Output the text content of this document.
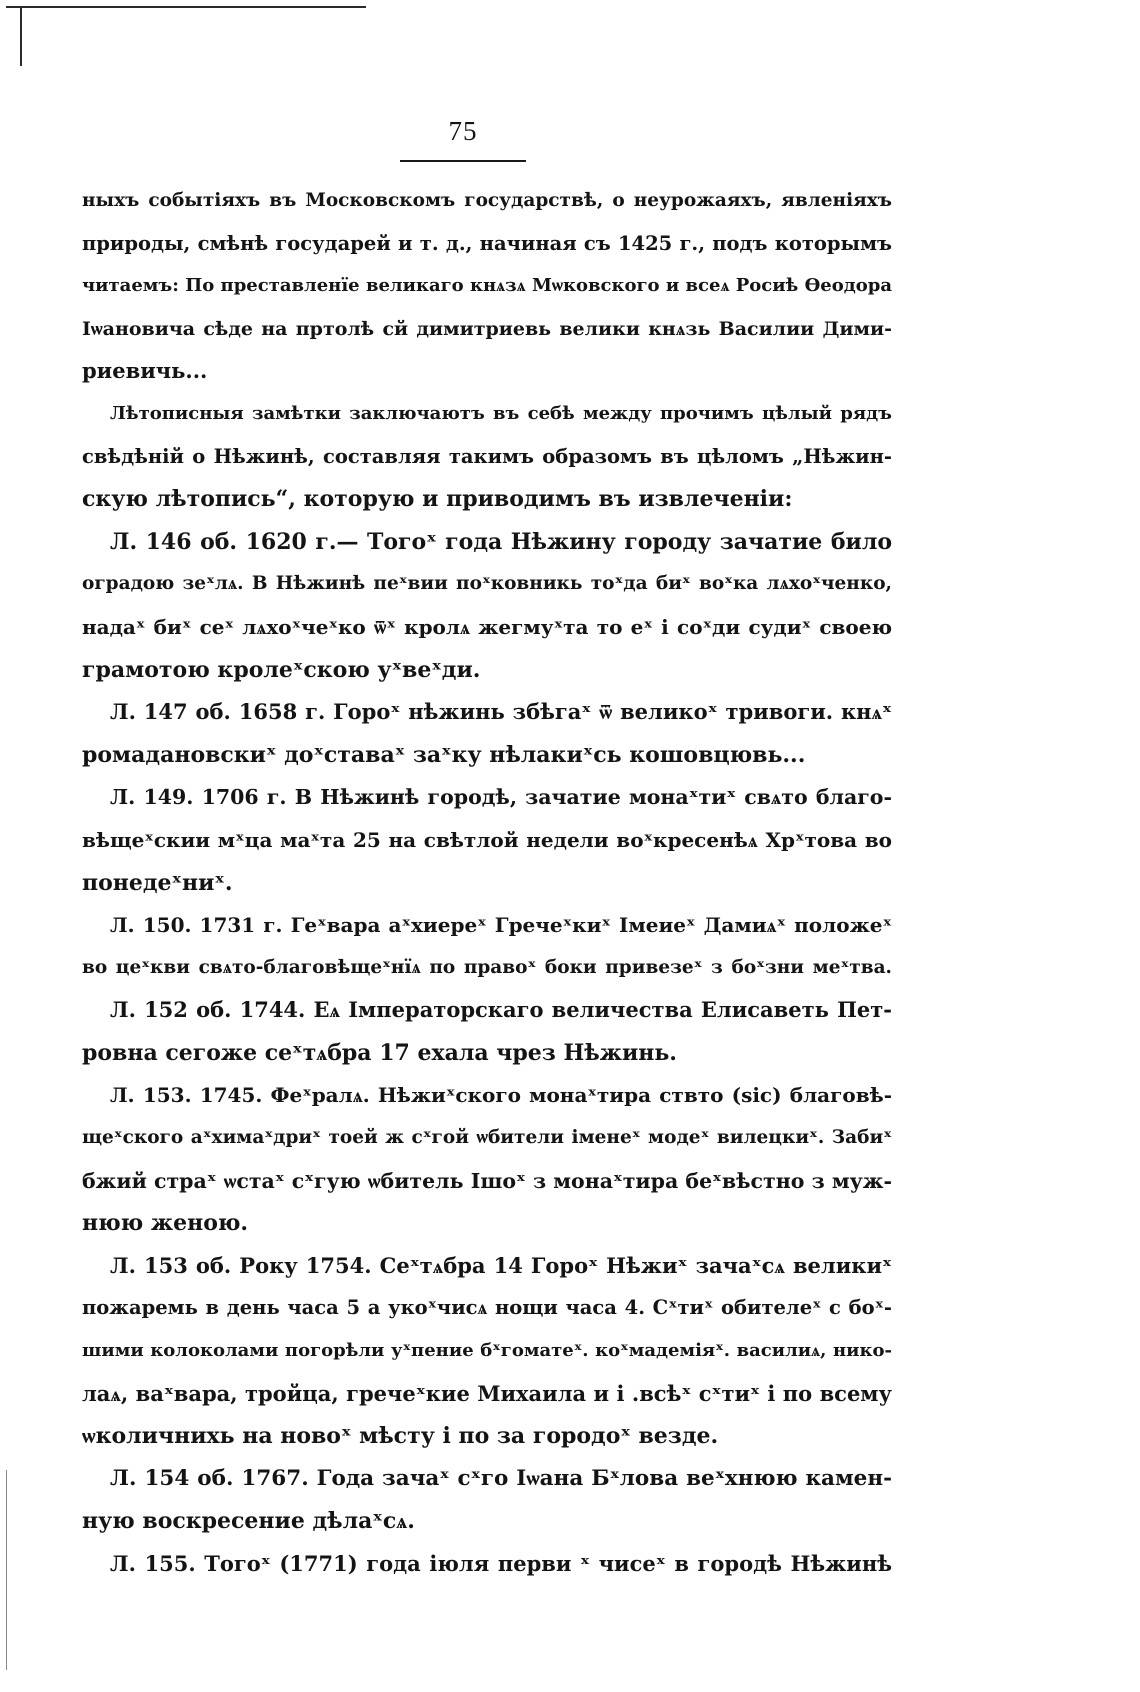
75
ныхъ событіяхъ въ Московскомъ государствѣ, о неурожаяхъ, явленіяхъ
природы, смѣнѣ государей и т. д., начиная съ 1425 г., подъ которымъ
читаемъ: По преставленїе великаго кнѧзѧ Мѡковского и всеѧ Росиѣ Ѳеодора
Іѡановича сѣде на пртолѣ сй димитриевь велики кнѧзь Василии Дими-
риевичь...
Лѣтописныя замѣтки заключаютъ въ себѣ между прочимъ цѣлый рядъ
свѣдѣній о Нѣжинѣ, составляя такимъ образомъ въ цѣломъ „Нѣжин-
скую лѣтопись“, которую и приводимъ въ извлеченіи:
Л. 146 об. 1620 г.— Тогоˣ года Нѣжину городу зачатие било
оградою зеˣлѧ. В Нѣжинѣ пеˣвии поˣковникь тоˣда биˣ воˣка лѧхоˣченко,
надаˣ биˣ сеˣ лѧхоˣчеˣко ѿˣ кролѧ жегмуˣта то еˣ і соˣди судиˣ своею
грамотою кролеˣскою уˣвеˣди.
Л. 147 об. 1658 г. Гороˣ нѣжинь збѣгаˣ ѿ великоˣ тривоги. кнѧˣ
ромадановскиˣ доˣставаˣ заˣку нѣлакиˣсь кошовцювь...
Л. 149. 1706 г. В Нѣжинѣ городѣ, зачатие монаˣтиˣ свѧто благо-
вѣщеˣскии мˣца маˣта 25 на свѣтлой недели воˣкресенѣѧ Хрˣтова во
понедеˣниˣ.
Л. 150. 1731 г. Геˣвара аˣхиереˣ Гречеˣкиˣ Імеиеˣ Дамиѧˣ положеˣ
во цеˣкви свѧто-благовѣщеˣнїѧ по правоˣ боки привезеˣ з боˣзни меˣтва.
Л. 152 об. 1744. Еѧ Імператорскаго величества Елисаветь Пет-
ровна сегоже сеˣтѧбра 17 ехала чрез Нѣжинь.
Л. 153. 1745. Феˣралѧ. Нѣжиˣского монаˣтира ствто (sic) благовѣ-
щеˣского аˣхимаˣдриˣ тоей ж сˣгой ѡбители іменеˣ модеˣ вилецкиˣ. Забиˣ
бжий страˣ ѡстаˣ сˣгую ѡбитель Ішоˣ з монаˣтира беˣвѣстно з муж-
нюю женою.
Л. 153 об. Року 1754. Сеˣтѧбра 14 Гороˣ Нѣжиˣ зачаˣсѧ великиˣ
пожаремь в день часа 5 а укоˣчисѧ нощи часа 4. Сˣтиˣ обителеˣ с боˣ-
шими колоколами погорѣли уˣпение бˣгоматеˣ. коˣмадеміяˣ. василиѧ, нико-
лаѧ, ваˣвара, тройца, гречеˣкие Михаила и і .всѣˣ сˣтиˣ і по всему
ѡколичниxь на новоˣ мѣсту і по за городоˣ везде.
Л. 154 об. 1767. Года зачаˣ сˣго Іѡана Бˣлова веˣхнюю камен-
ную воскресение дѣлаˣсѧ.
Л. 155. Тогоˣ (1771) года іюля перви ˣ чисеˣ в городѣ Нѣжинѣ
